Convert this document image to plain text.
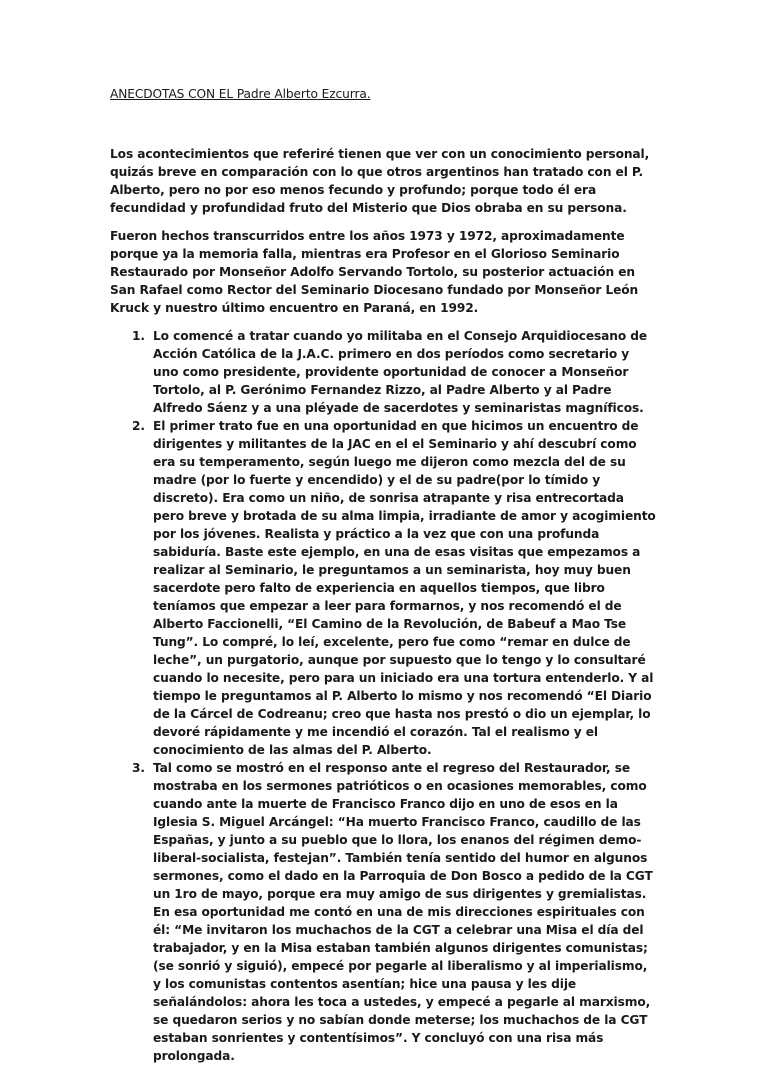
ANECDOTAS CON EL Padre Alberto Ezcurra.

Los acontecimientos que referiré tienen que ver con un conocimiento personal, quizás breve en comparación con lo que otros argentinos han tratado con el P. Alberto, pero no por eso menos fecundo y profundo; porque todo él era fecundidad y profundidad fruto del Misterio que Dios obraba en su persona.

Fueron hechos transcurridos entre los años 1973 y 1972, aproximadamente porque ya la memoria falla, mientras era Profesor en el Glorioso Seminario Restaurado por Monseñor Adolfo Servando Tortolo, su posterior actuación en San Rafael como Rector del Seminario Diocesano fundado por Monseñor León Kruck y nuestro último encuentro en Paraná, en 1992.

1. Lo comencé a tratar cuando yo militaba en el Consejo Arquidiocesano de Acción Católica de la J.A.C. primero en dos períodos como secretario y uno como presidente, providente oportunidad de conocer a Monseñor Tortolo, al P. Gerónimo Fernandez Rizzo, al Padre Alberto y al Padre Alfredo Sáenz y a una pléyade de sacerdotes y seminaristas magníficos.
2. El primer trato fue en una oportunidad en que hicimos un encuentro de dirigentes y militantes de la JAC en el el Seminario y ahí descubrí como era su temperamento, según luego me dijeron como mezcla del de su madre (por lo fuerte y encendido) y el de su padre(por lo tímido y discreto). Era como un niño, de sonrisa atrapante y risa entrecortada pero breve y brotada de su alma limpia, irradiante de amor y acogimiento por los jóvenes. Realista y práctico a la vez que con una profunda sabiduría. Baste este ejemplo, en una de esas visitas que empezamos a realizar al Seminario, le preguntamos a un seminarista, hoy muy buen sacerdote pero falto de experiencia en aquellos tiempos, que libro teníamos que empezar a leer para formarnos, y nos recomendó el de Alberto Faccionelli, “El Camino de la Revolución, de Babeuf a Mao Tse Tung”. Lo compré, lo leí, excelente, pero fue como “remar en dulce de leche”, un purgatorio, aunque por supuesto que lo tengo y lo consultaré cuando lo necesite, pero para un iniciado era una tortura entenderlo. Y al tiempo le preguntamos al P. Alberto lo mismo y nos recomendó “El Diario de la Cárcel de Codreanu; creo que hasta nos prestó o dio un ejemplar, lo devoré rápidamente y me incendió el corazón. Tal el realismo y el conocimiento de las almas del P. Alberto.
3. Tal como se mostró en el responso ante el regreso del Restaurador, se mostraba en los sermones patrióticos o en ocasiones memorables, como cuando ante la muerte de Francisco Franco dijo en uno de esos en la Iglesia S. Miguel Arcángel: “Ha muerto Francisco Franco, caudillo de las Españas, y junto a su pueblo que lo llora, los enanos del régimen demo-liberal-socialista, festejan”. También tenía sentido del humor en algunos sermones, como el dado en la Parroquia de Don Bosco a pedido de la CGT un 1ro de mayo, porque era muy amigo de sus dirigentes y gremialistas. En esa oportunidad me contó en una de mis direcciones espirituales con él: “Me invitaron los muchachos de la CGT a celebrar una Misa el día del trabajador, y en la Misa estaban también algunos dirigentes comunistas; (se sonrió y siguió), empecé por pegarle al liberalismo y al imperialismo, y los comunistas contentos asentían; hice una pausa y les dije señalándolos: ahora les toca a ustedes, y empecé a pegarle al marxismo, se quedaron serios y no sabían donde meterse; los muchachos de la CGT estaban sonrientes y contentísimos”. Y concluyó con una risa más prolongada.
